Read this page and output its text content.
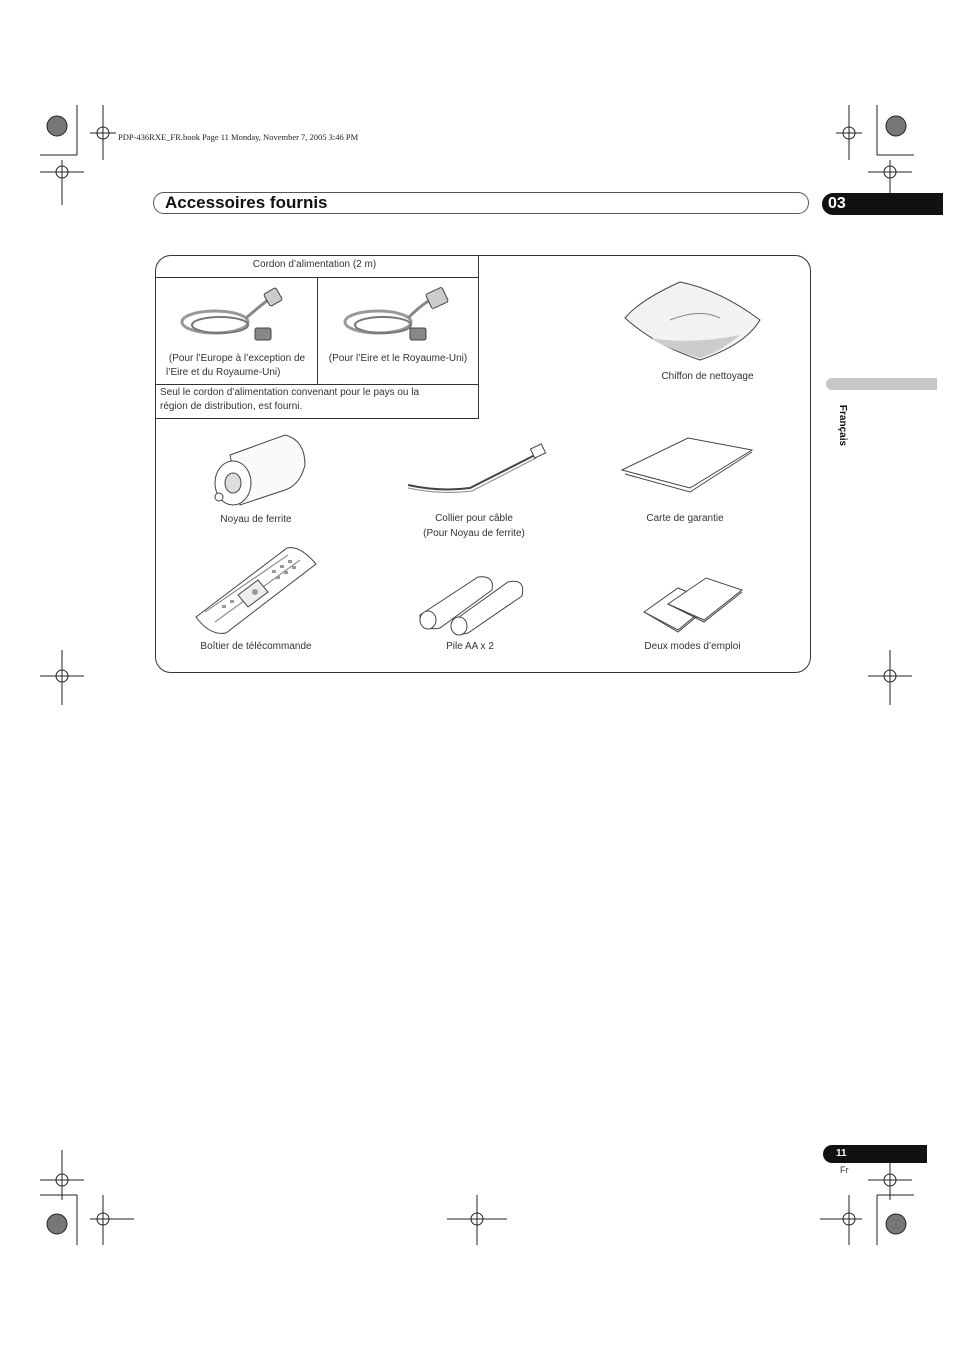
PDP-436RXE_FR.book Page 11 Monday, November 7, 2005 3:46 PM
Accessoires fournis	03
Français
Cordon d’alimentation (2 m)
(Pour l’Europe à l’exception de
l’Eire et du Royaume-Uni)
(Pour l’Eire et le Royaume-Uni)
Seul le cordon d’alimentation convenant pour le pays ou la
région de distribution, est fourni.
Chiffon de nettoyage
Noyau de ferrite	Collier pour câble
(Pour Noyau de ferrite)
Carte de garantie
Boîtier de télécommande	Pile AA x 2	Deux modes d’emploi
11
Fr
